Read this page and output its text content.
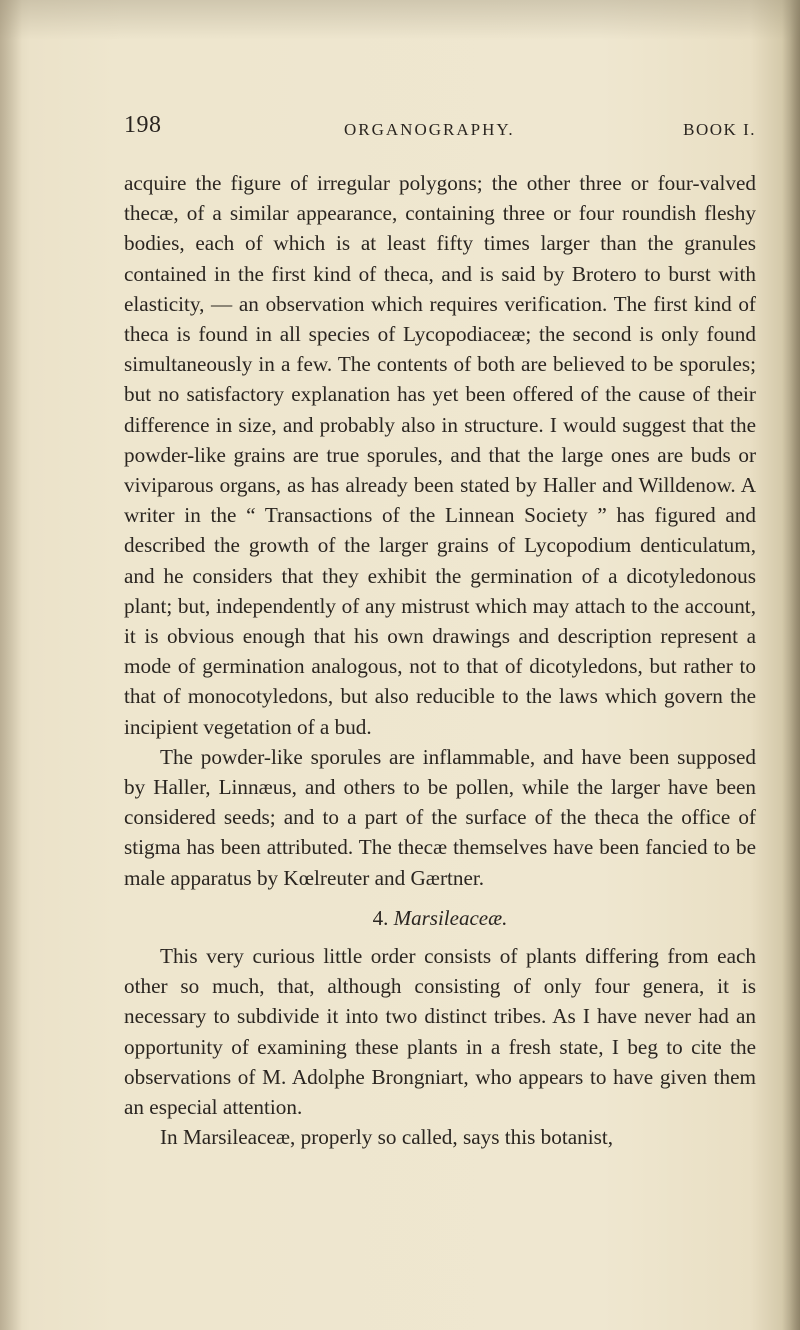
198	ORGANOGRAPHY.	BOOK I.

acquire the figure of irregular polygons; the other three or four-valved thecæ, of a similar appearance, containing three or four roundish fleshy bodies, each of which is at least fifty times larger than the granules contained in the first kind of theca, and is said by Brotero to burst with elasticity, — an observation which requires verification. The first kind of theca is found in all species of Lycopodiaceæ; the second is only found simultaneously in a few. The contents of both are believed to be sporules; but no satisfactory explanation has yet been offered of the cause of their difference in size, and probably also in structure. I would suggest that the powder-like grains are true sporules, and that the large ones are buds or viviparous organs, as has already been stated by Haller and Willdenow. A writer in the “ Transactions of the Linnean Society ” has figured and described the growth of the larger grains of Lycopodium denticulatum, and he considers that they exhibit the germination of a dicotyledonous plant; but, independently of any mistrust which may attach to the account, it is obvious enough that his own drawings and description represent a mode of germination analogous, not to that of dicotyledons, but rather to that of monocotyledons, but also reducible to the laws which govern the incipient vegetation of a bud.

The powder-like sporules are inflammable, and have been supposed by Haller, Linnæus, and others to be pollen, while the larger have been considered seeds; and to a part of the surface of the theca the office of stigma has been attributed. The thecæ themselves have been fancied to be male apparatus by Kœlreuter and Gærtner.

4. Marsileaceæ.

This very curious little order consists of plants differing from each other so much, that, although consisting of only four genera, it is necessary to subdivide it into two distinct tribes. As I have never had an opportunity of examining these plants in a fresh state, I beg to cite the observations of M. Adolphe Brongniart, who appears to have given them an especial attention.

In Marsileaceæ, properly so called, says this botanist,
